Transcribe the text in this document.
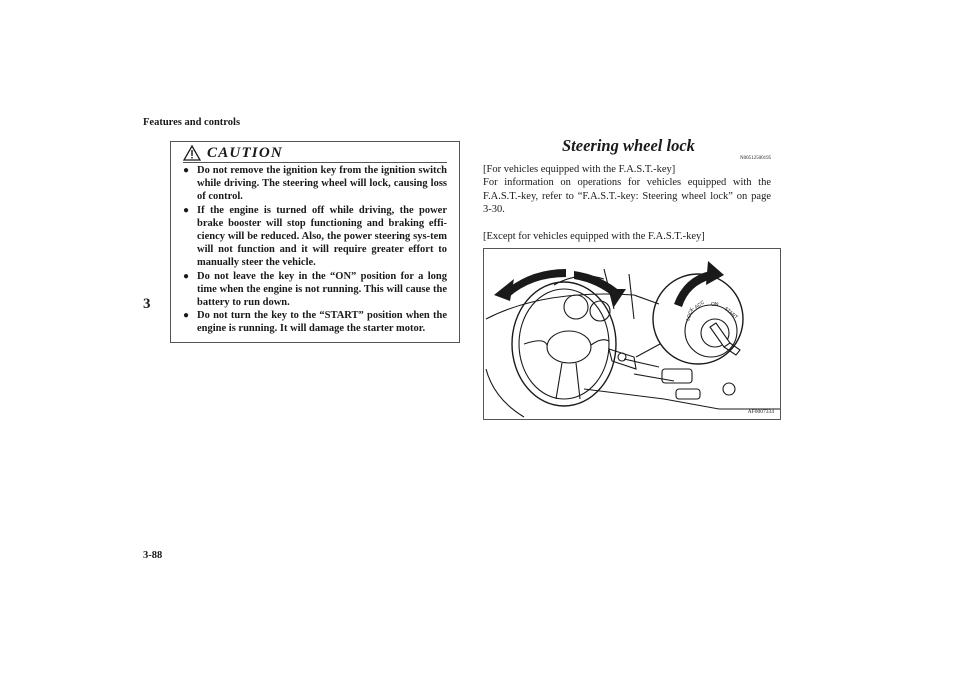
Features and controls
3
3-88
CAUTION
● Do not remove the ignition key from the ignition switch while driving. The steering wheel will lock, causing loss of control.
● If the engine is turned off while driving, the power brake booster will stop functioning and braking effi-ciency will be reduced. Also, the power steering sys-tem will not function and it will require greater effort to manually steer the vehicle.
● Do not leave the key in the “ON” position for a long time when the engine is not running. This will cause the battery to run down.
● Do not turn the key to the “START” position when the engine is running. It will damage the starter motor.
Steering wheel lock
N00512500195

[For vehicles equipped with the F.A.S.T.-key]

For information on operations for vehicles equipped with the F.A.S.T.-key, refer to “F.A.S.T.-key: Steering wheel lock” on page 3-30.

[Except for vehicles equipped with the F.A.S.T.-key]

LOCK
ACC ON
START
AF0007334
